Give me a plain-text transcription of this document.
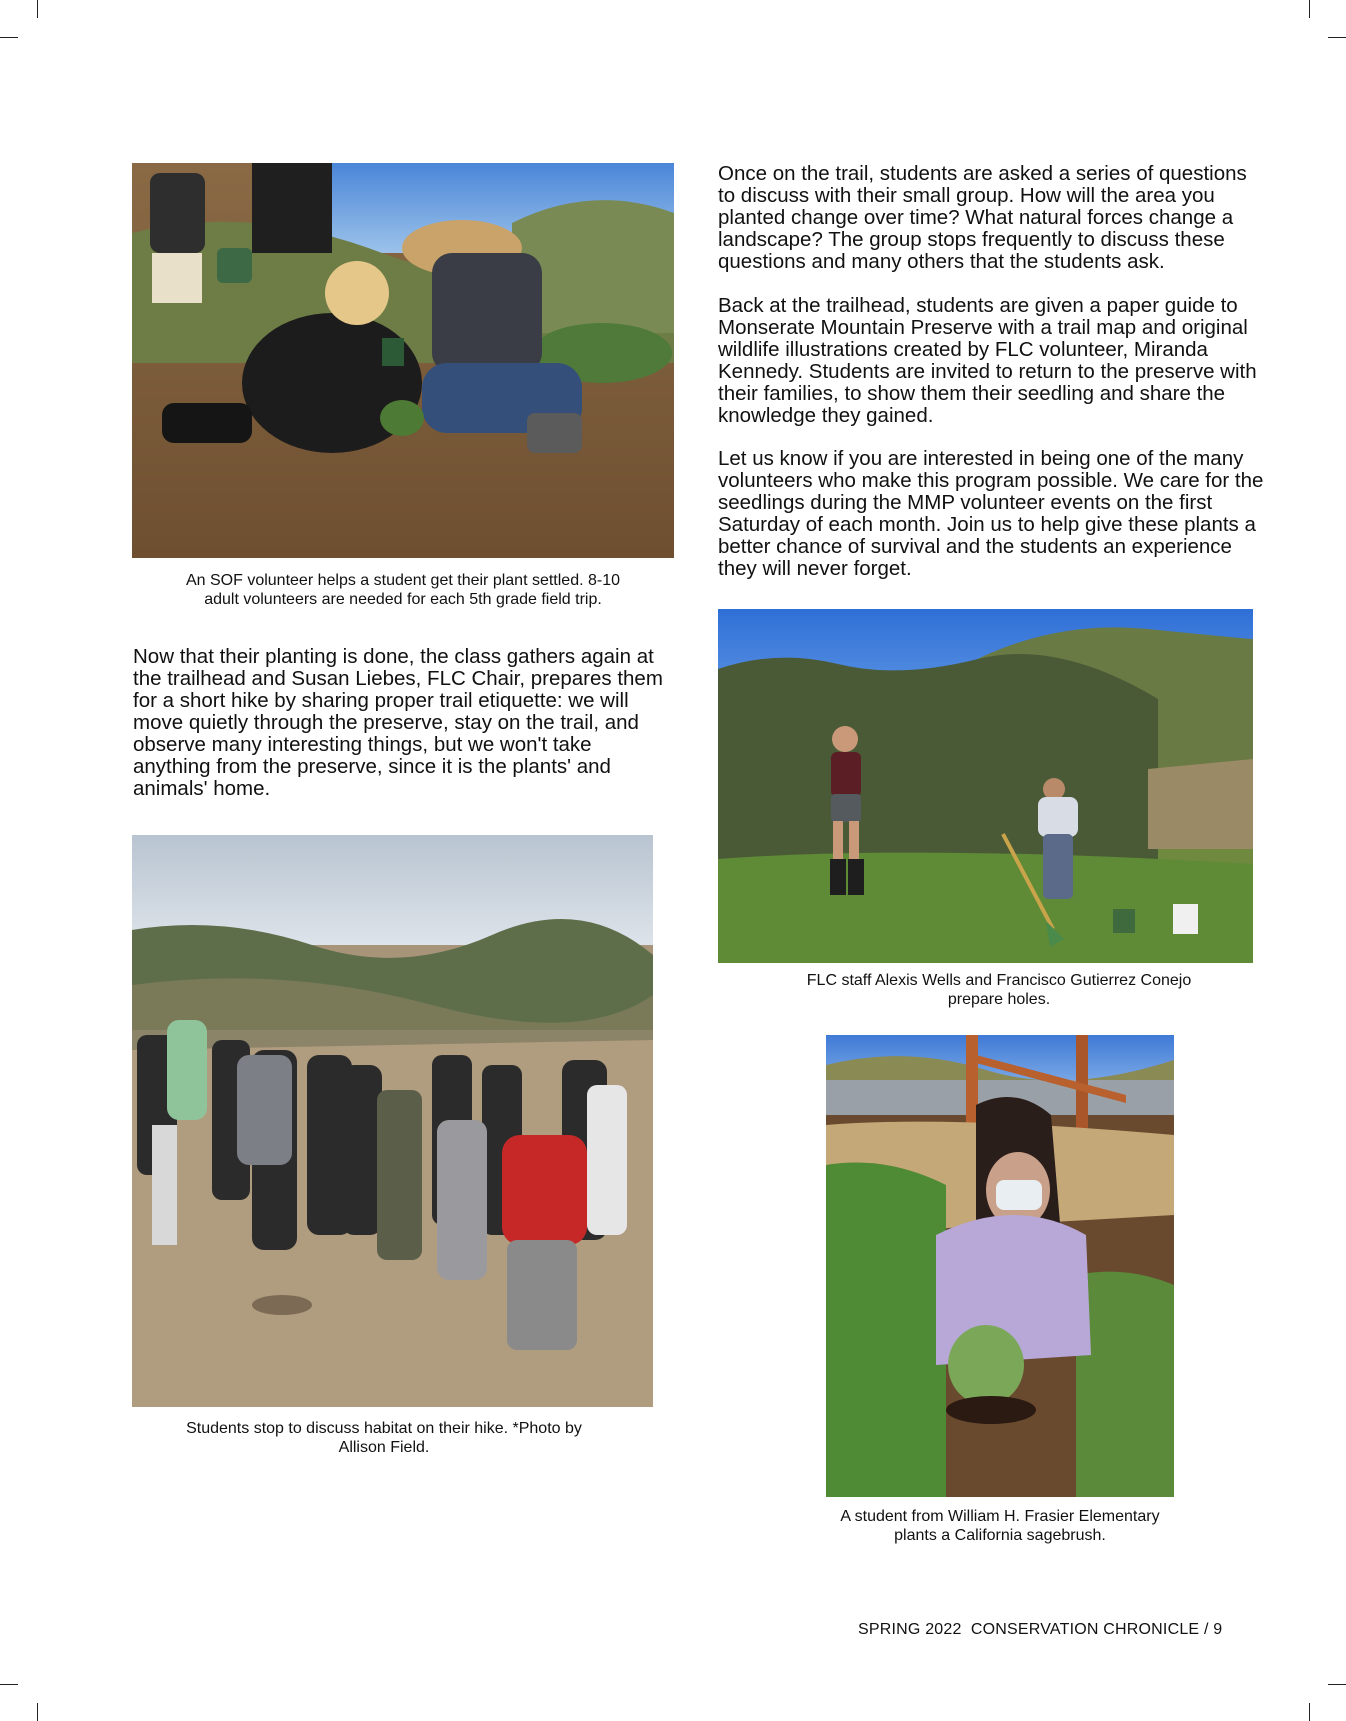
An SOF volunteer helps a student get their plant settled. 8-10 adult volunteers are needed for each 5th grade field trip.

Now that their planting is done, the class gathers again at the trailhead and Susan Liebes, FLC Chair, prepares them for a short hike by sharing proper trail etiquette: we will move quietly through the preserve, stay on the trail, and observe many interesting things, but we won't take anything from the preserve, since it is the plants' and animals' home.

Students stop to discuss habitat on their hike. *Photo by Allison Field.

Once on the trail, students are asked a series of questions to discuss with their small group. How will the area you planted change over time? What natural forces change a landscape? The group stops frequently to discuss these questions and many others that the students ask.

Back at the trailhead, students are given a paper guide to Monserate Mountain Preserve with a trail map and original wildlife illustrations created by FLC volunteer, Miranda Kennedy. Students are invited to return to the preserve with their families, to show them their seedling and share the knowledge they gained.

Let us know if you are interested in being one of the many volunteers who make this program possible. We care for the seedlings during the MMP volunteer events on the first Saturday of each month. Join us to help give these plants a better chance of survival and the students an experience they will never forget.

FLC staff Alexis Wells and Francisco Gutierrez Conejo prepare holes.

A student from William H. Frasier Elementary plants a California sagebrush.

SPRING 2022  CONSERVATION CHRONICLE / 9
